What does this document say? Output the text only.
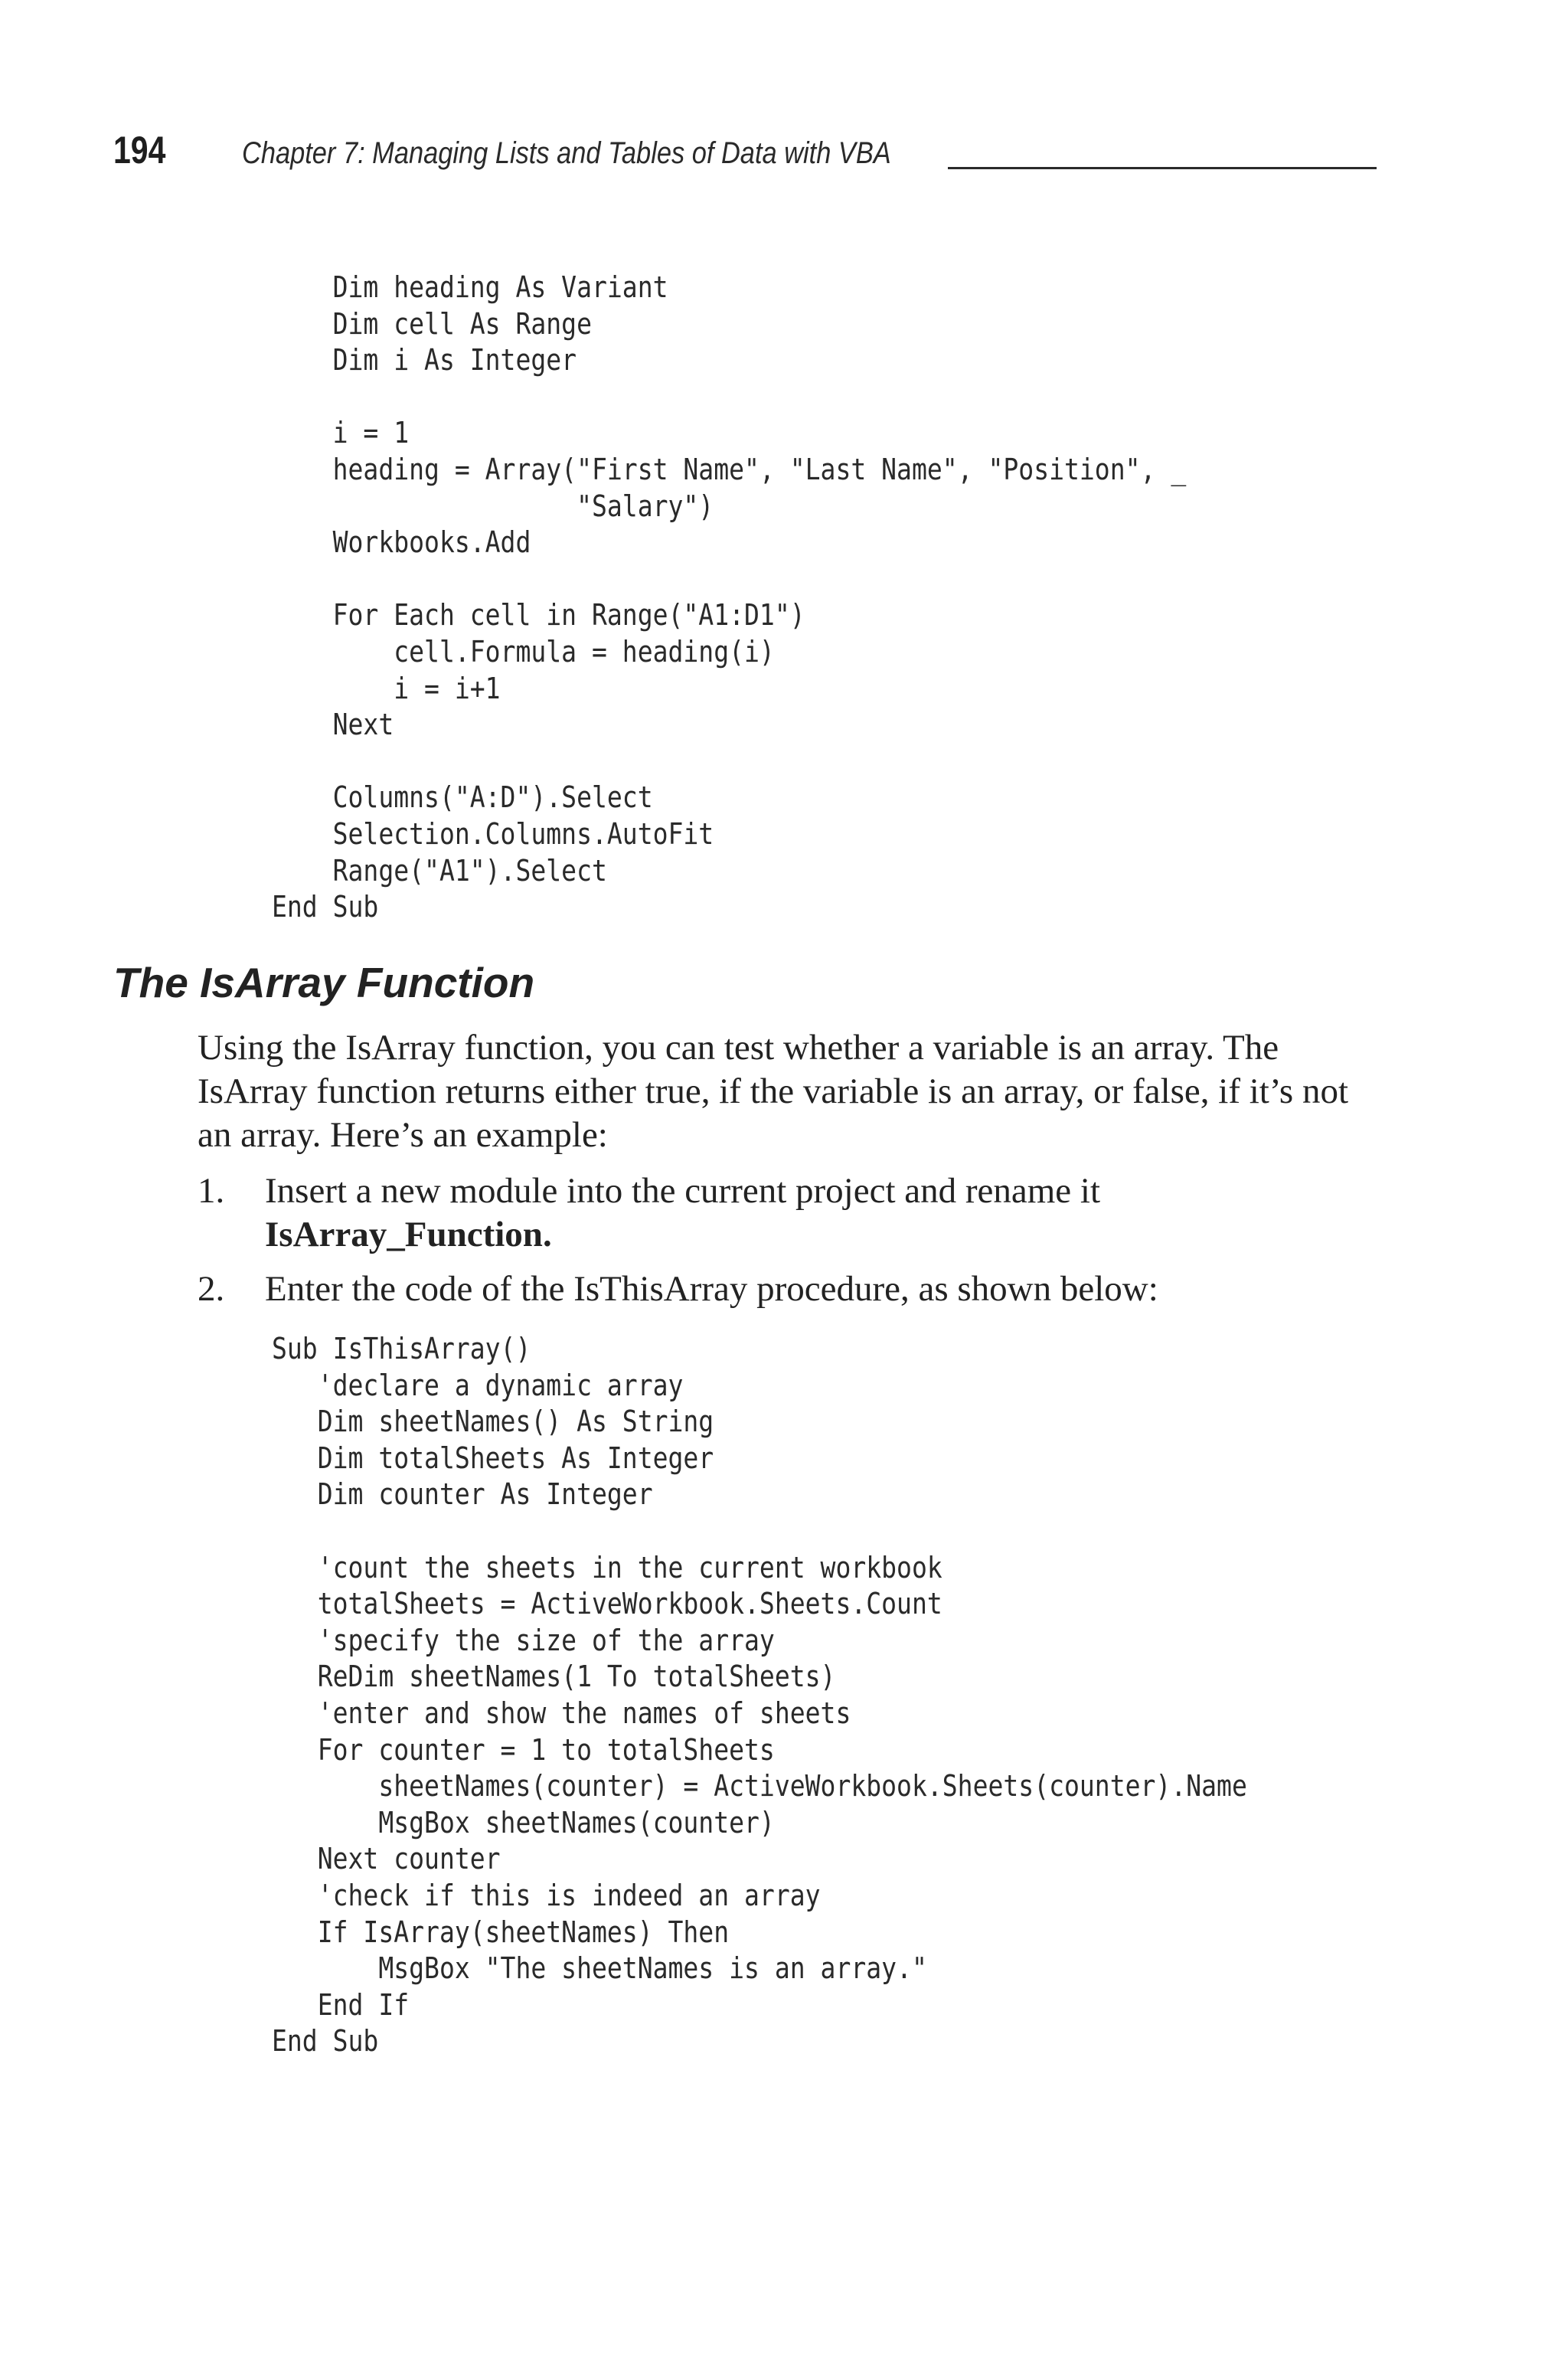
194 Chapter 7: Managing Lists and Tables of Data with VBA
Dim heading As Variant
Dim cell As Range
Dim i As Integer

i = 1
heading = Array("First Name", "Last Name", "Position", _
"Salary")
Workbooks.Add

For Each cell in Range("A1:D1")
cell.Formula = heading(i)
i = i+1
Next

Columns("A:D").Select
Selection.Columns.AutoFit
Range("A1").Select
End Sub
The IsArray Function
Using the IsArray function, you can test whether a variable is an array. The IsArray function returns either true, if the variable is an array, or false, if it’s not an array. Here’s an example:
1. Insert a new module into the current project and rename it IsArray_Function.
2. Enter the code of the IsThisArray procedure, as shown below:
Sub IsThisArray()
'declare a dynamic array
Dim sheetNames() As String
Dim totalSheets As Integer
Dim counter As Integer

'count the sheets in the current workbook
totalSheets = ActiveWorkbook.Sheets.Count
'specify the size of the array
ReDim sheetNames(1 To totalSheets)
'enter and show the names of sheets
For counter = 1 to totalSheets
sheetNames(counter) = ActiveWorkbook.Sheets(counter).Name
MsgBox sheetNames(counter)
Next counter
'check if this is indeed an array
If IsArray(sheetNames) Then
MsgBox "The sheetNames is an array."
End If
End Sub
